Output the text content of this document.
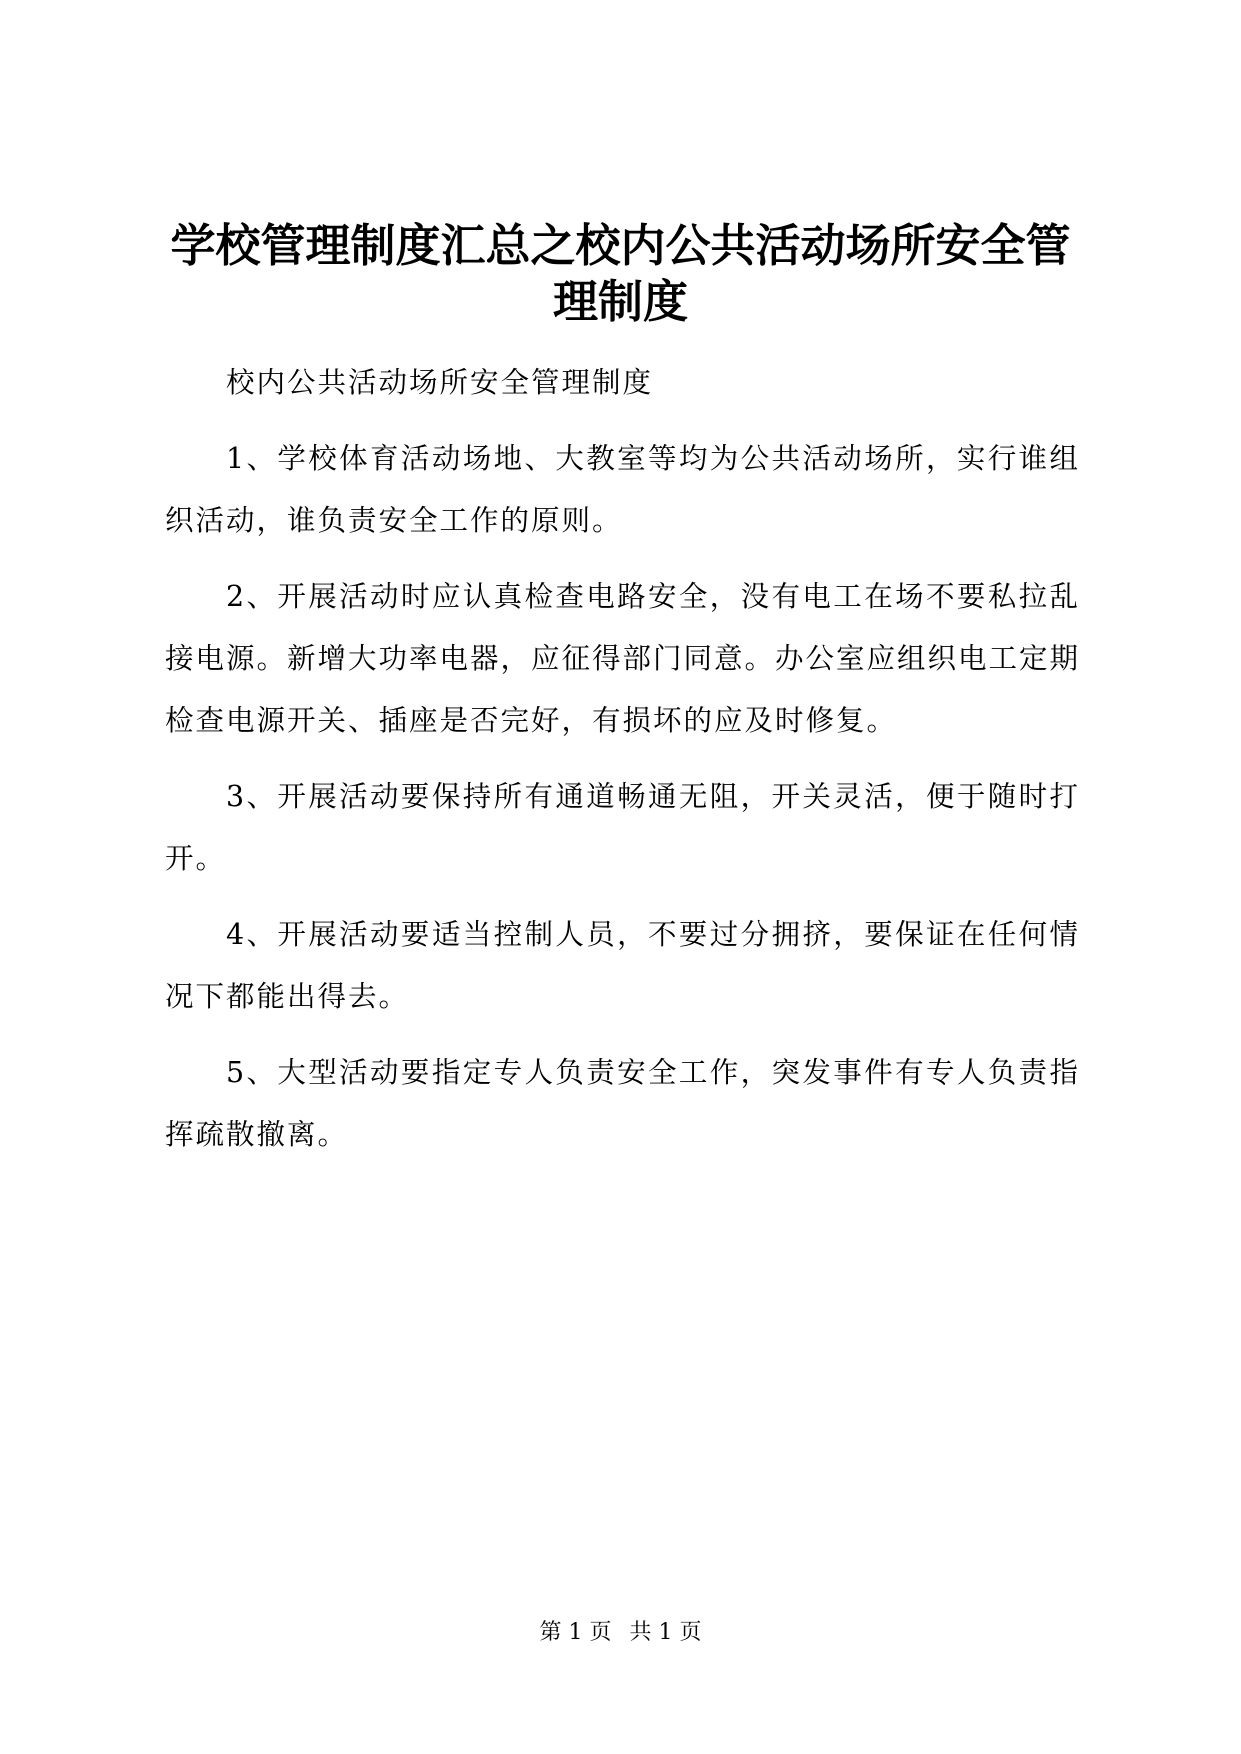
学校管理制度汇总之校内公共活动场所安全管理制度

校内公共活动场所安全管理制度

1、学校体育活动场地、大教室等均为公共活动场所，实行谁组织活动，谁负责安全工作的原则。

2、开展活动时应认真检查电路安全，没有电工在场不要私拉乱接电源。新增大功率电器，应征得部门同意。办公室应组织电工定期检查电源开关、插座是否完好，有损坏的应及时修复。

3、开展活动要保持所有通道畅通无阻，开关灵活，便于随时打开。

4、开展活动要适当控制人员，不要过分拥挤，要保证在任何情况下都能出得去。

5、大型活动要指定专人负责安全工作，突发事件有专人负责指挥疏散撤离。

第 1 页 共 1 页
